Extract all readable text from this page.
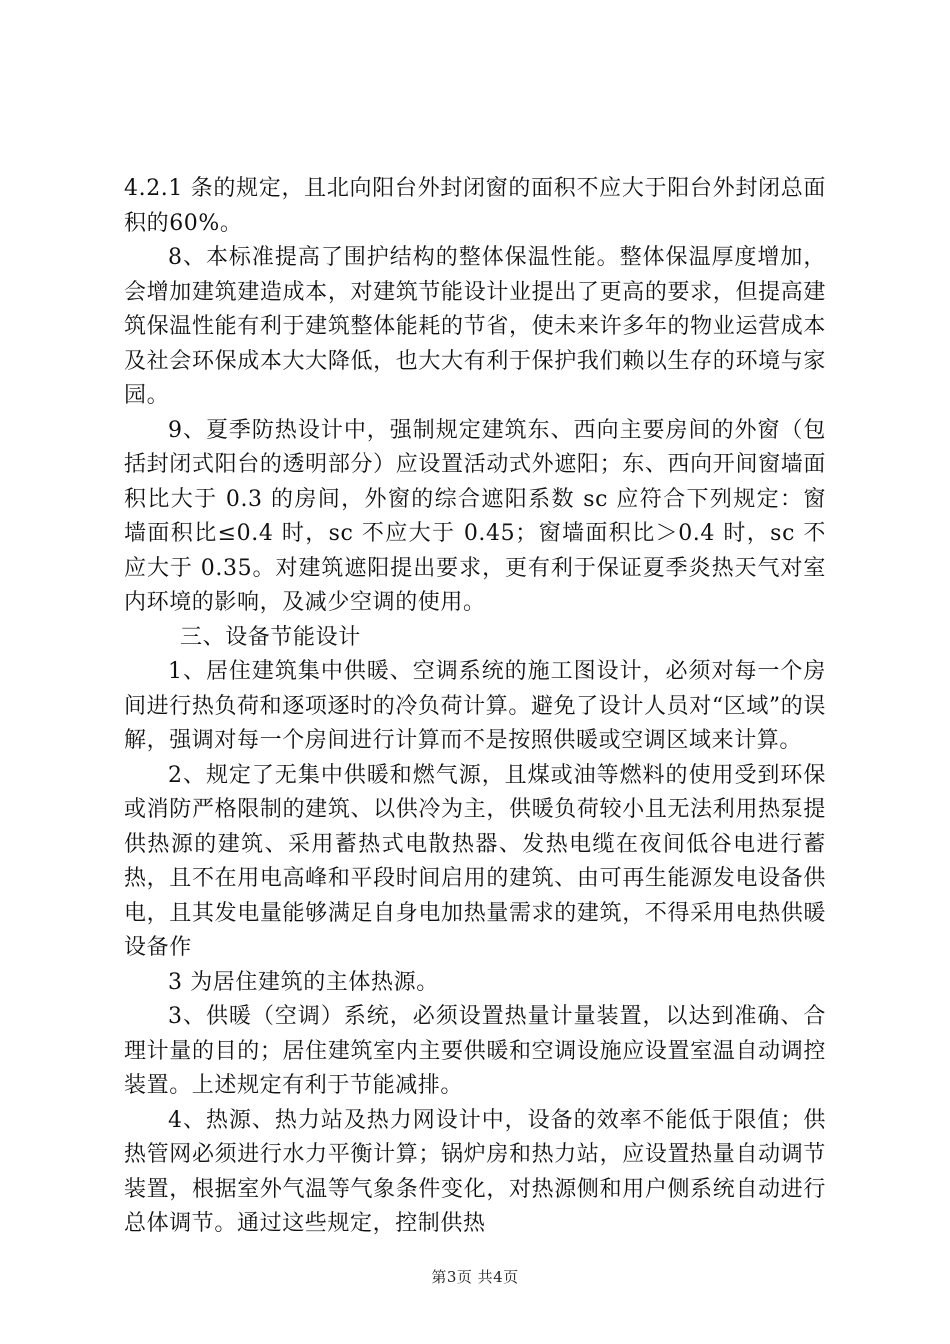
4.2.1 条的规定，且北向阳台外封闭窗的面积不应大于阳台外封闭总面积的60%。

8、本标准提高了围护结构的整体保温性能。整体保温厚度增加，会增加建筑建造成本，对建筑节能设计业提出了更高的要求，但提高建筑保温性能有利于建筑整体能耗的节省，使未来许多年的物业运营成本及社会环保成本大大降低，也大大有利于保护我们赖以生存的环境与家园。

9、夏季防热设计中，强制规定建筑东、西向主要房间的外窗（包括封闭式阳台的透明部分）应设置活动式外遮阳；东、西向开间窗墙面积比大于 0.3 的房间，外窗的综合遮阳系数 sc 应符合下列规定：窗墙面积比≤0.4 时，sc 不应大于 0.45；窗墙面积比＞0.4 时，sc 不应大于 0.35。对建筑遮阳提出要求，更有利于保证夏季炎热天气对室内环境的影响，及减少空调的使用。

三、设备节能设计

1、居住建筑集中供暖、空调系统的施工图设计，必须对每一个房间进行热负荷和逐项逐时的冷负荷计算。避免了设计人员对“区域”的误解，强调对每一个房间进行计算而不是按照供暖或空调区域来计算。

2、规定了无集中供暖和燃气源，且煤或油等燃料的使用受到环保或消防严格限制的建筑、以供冷为主，供暖负荷较小且无法利用热泵提供热源的建筑、采用蓄热式电散热器、发热电缆在夜间低谷电进行蓄热，且不在用电高峰和平段时间启用的建筑、由可再生能源发电设备供电，且其发电量能够满足自身电加热量需求的建筑，不得采用电热供暖设备作

3 为居住建筑的主体热源。

3、供暖（空调）系统，必须设置热量计量装置，以达到准确、合理计量的目的；居住建筑室内主要供暖和空调设施应设置室温自动调控装置。上述规定有利于节能减排。

4、热源、热力站及热力网设计中，设备的效率不能低于限值；供热管网必须进行水力平衡计算；锅炉房和热力站，应设置热量自动调节装置，根据室外气温等气象条件变化，对热源侧和用户侧系统自动进行总体调节。通过这些规定，控制供热

第3页 共4页
